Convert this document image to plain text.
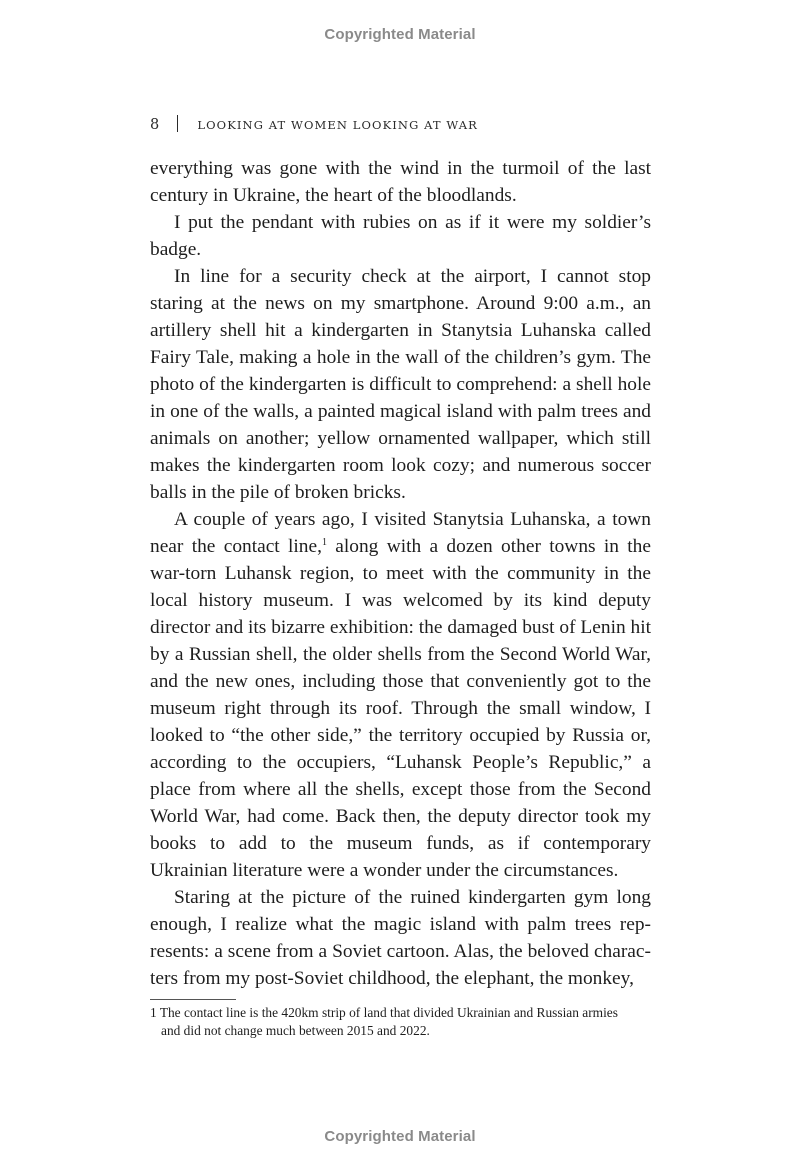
Copyrighted Material
8	LOOKING AT WOMEN LOOKING AT WAR

everything was gone with the wind in the turmoil of the last century in Ukraine, the heart of the bloodlands.

I put the pendant with rubies on as if it were my soldier’s badge.

In line for a security check at the airport, I cannot stop staring at the news on my smartphone. Around 9:00 a.m., an artillery shell hit a kindergarten in Stanytsia Luhanska called Fairy Tale, making a hole in the wall of the children’s gym. The photo of the kindergarten is difficult to comprehend: a shell hole in one of the walls, a painted magical island with palm trees and animals on another; yellow ornamented wallpaper, which still makes the kindergarten room look cozy; and numerous soccer balls in the pile of broken bricks.

A couple of years ago, I visited Stanytsia Luhanska, a town near the contact line,$^1$ along with a dozen other towns in the war-torn Luhansk region, to meet with the community in the local history museum. I was welcomed by its kind deputy director and its bizarre exhibition: the damaged bust of Lenin hit by a Russian shell, the older shells from the Second World War, and the new ones, including those that conveniently got to the museum right through its roof. Through the small window, I looked to “the other side,” the territory occupied by Russia or, according to the occupiers, “Luhansk People’s Republic,” a place from where all the shells, except those from the Second World War, had come. Back then, the deputy director took my books to add to the museum funds, as if contemporary Ukrainian literature were a wonder under the circumstances.

Staring at the picture of the ruined kindergarten gym long enough, I realize what the magic island with palm trees represents: a scene from a Soviet cartoon. Alas, the beloved characters from my post-Soviet childhood, the elephant, the monkey,

1 The contact line is the 420km strip of land that divided Ukrainian and Russian armies
and did not change much between 2015 and 2022.
Copyrighted Material
